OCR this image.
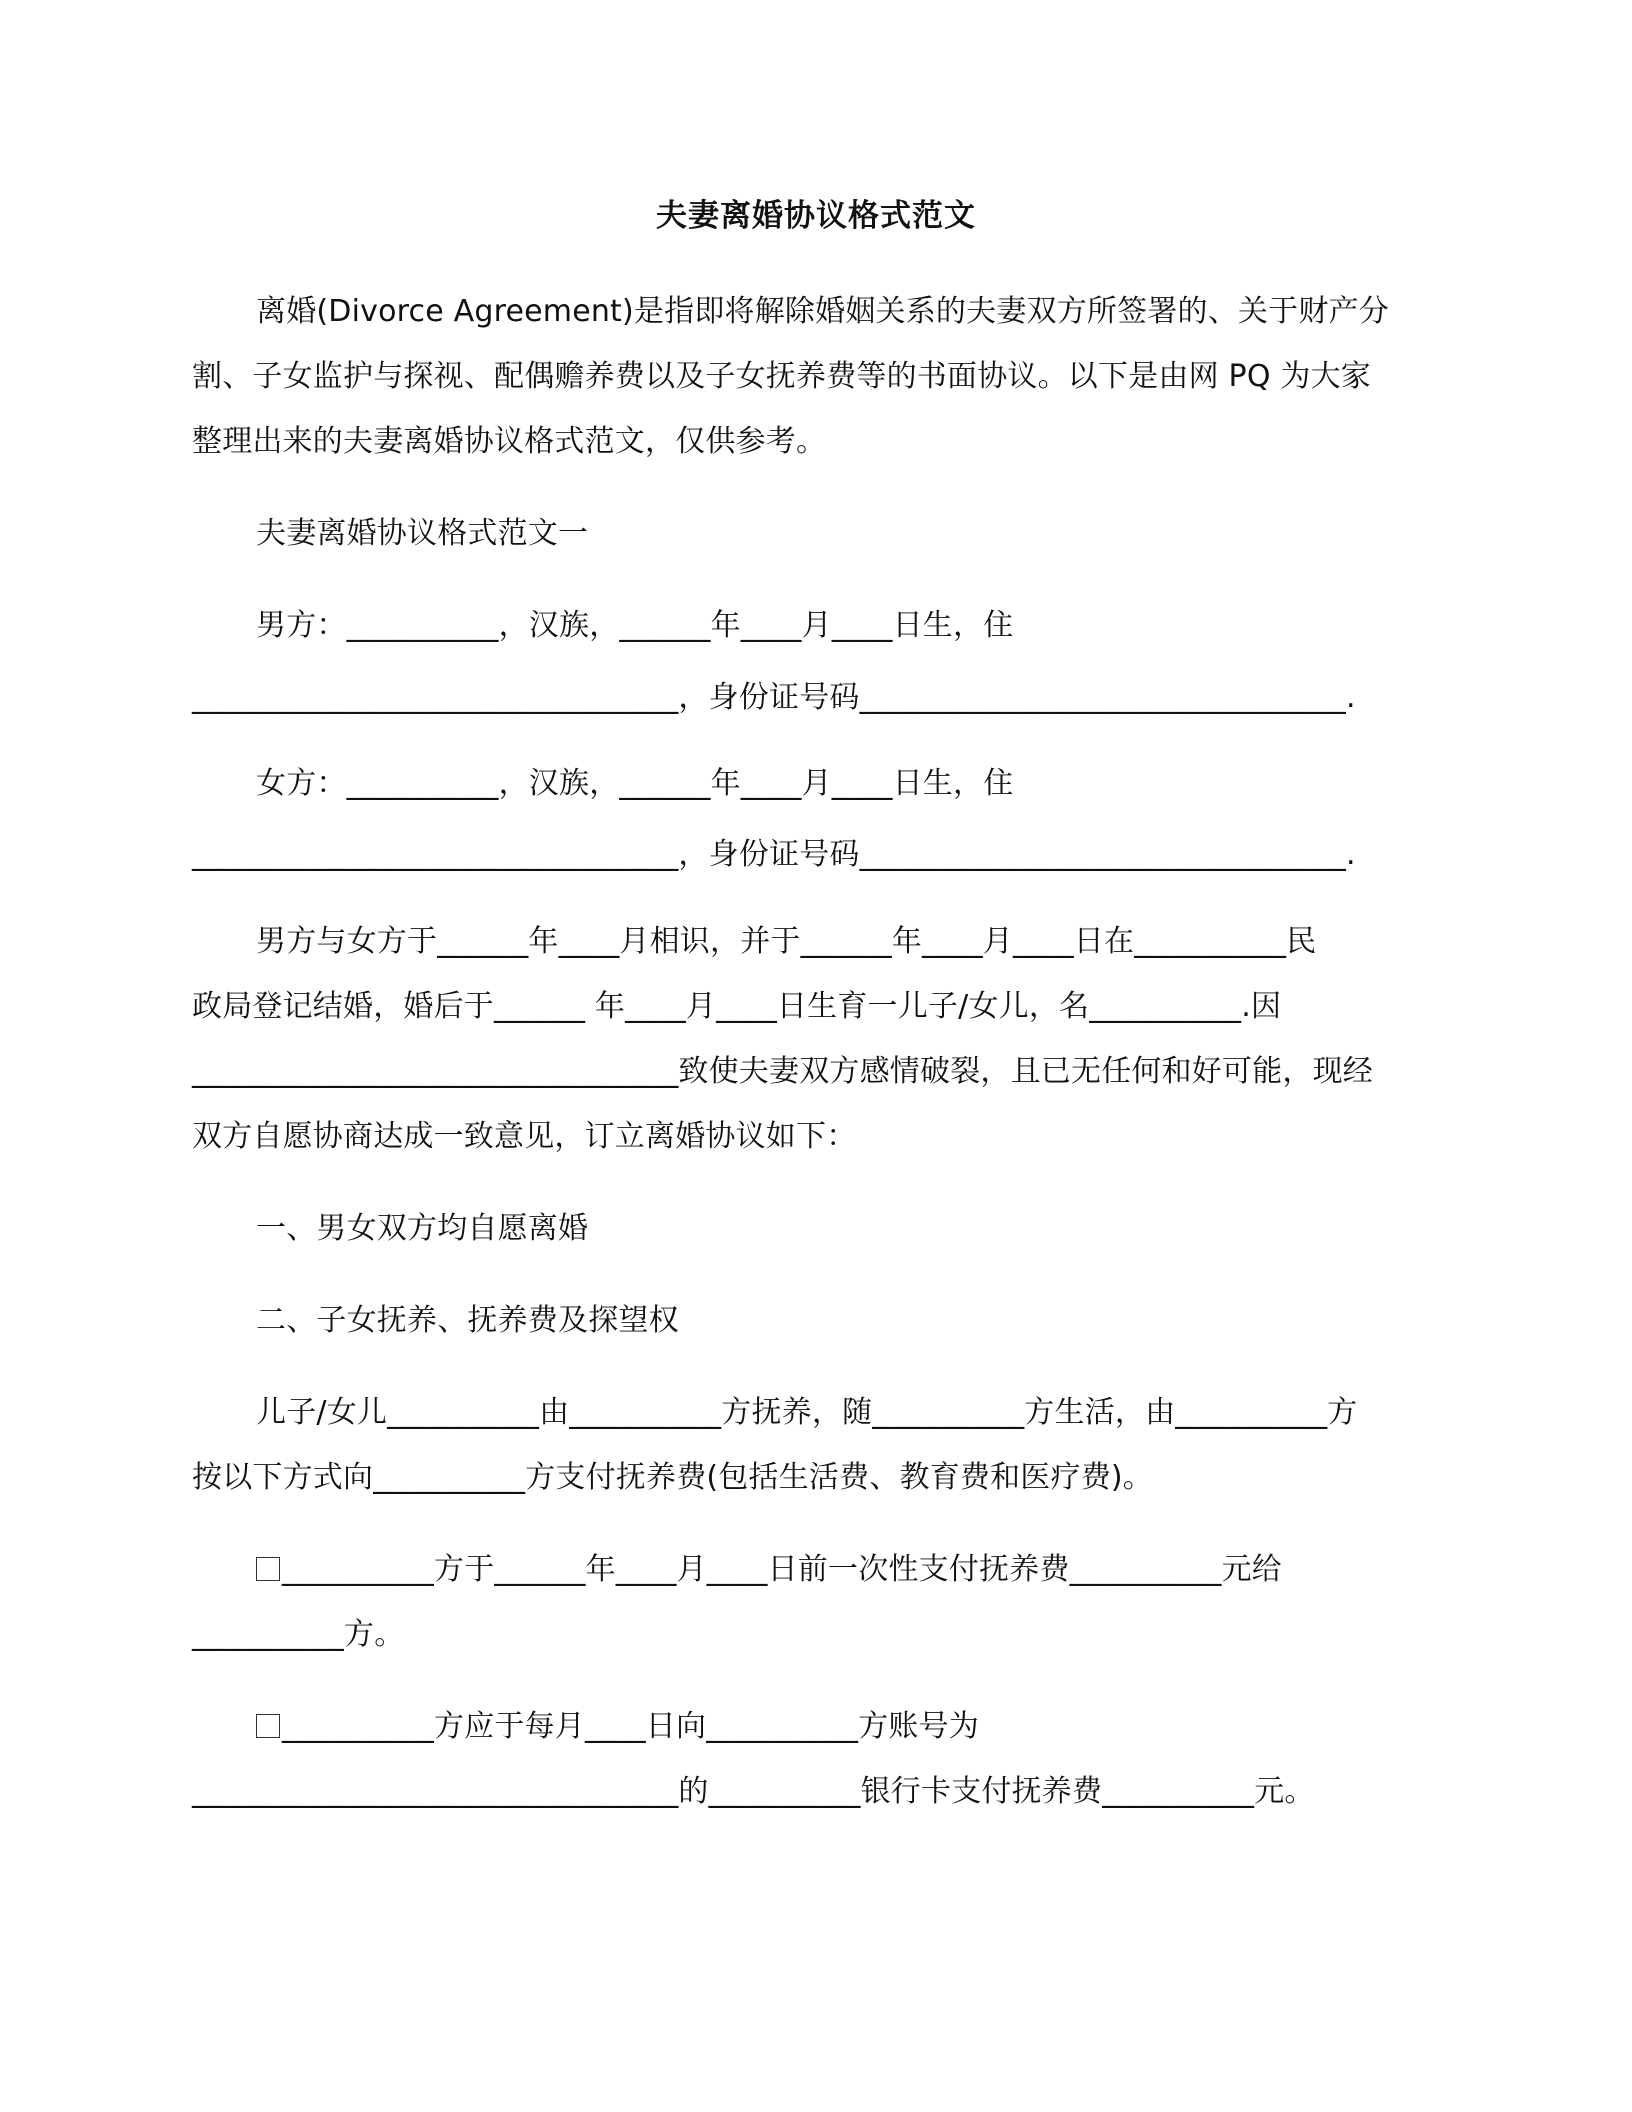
夫妻离婚协议格式范文
离婚(Divorce Agreement)是指即将解除婚姻关系的夫妻双方所签署的、关于财产分
割、子女监护与探视、配偶赡养费以及子女抚养费等的书面协议。以下是由网 PQ 为大家
整理出来的夫妻离婚协议格式范文，仅供参考。
夫妻离婚协议格式范文一
男方：__________，汉族，______年____月____日生，住
________________________________，身份证号码________________________________.
女方：__________，汉族，______年____月____日生，住
________________________________，身份证号码________________________________.
男方与女方于______年____月相识，并于______年____月____日在__________民
政局登记结婚，婚后于______ 年____月____日生育一儿子/女儿，名__________.因
________________________________致使夫妻双方感情破裂，且已无任何和好可能，现经
双方自愿协商达成一致意见，订立离婚协议如下：
一、男女双方均自愿离婚
二、子女抚养、抚养费及探望权
儿子/女儿__________由__________方抚养，随__________方生活，由__________方
按以下方式向__________方支付抚养费(包括生活费、教育费和医疗费)。
__________方于______年____月____日前一次性支付抚养费__________元给
__________方。
__________方应于每月____日向__________方账号为
________________________________的__________银行卡支付抚养费__________元。
